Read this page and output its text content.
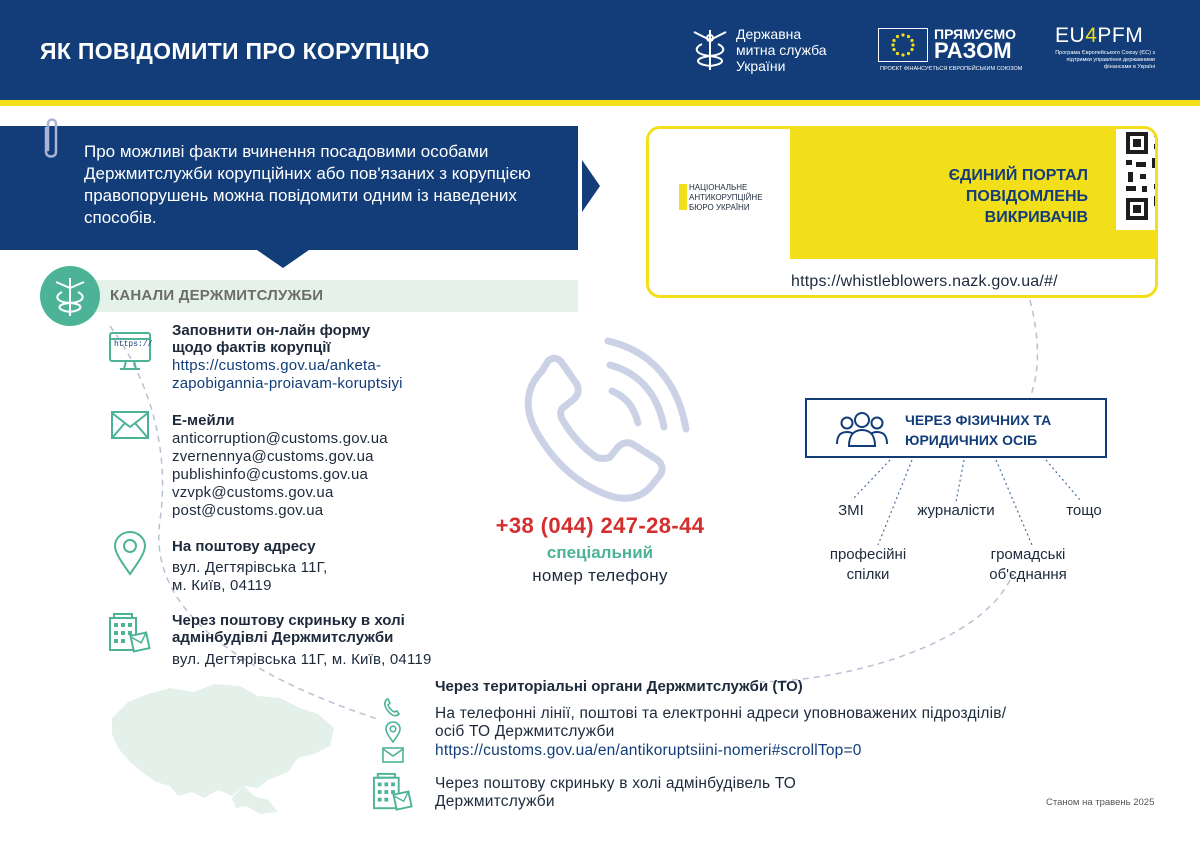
ЯК ПОВІДОМИТИ ПРО КОРУПЦІЮ
Державна
митна служба
України
ПРЯМУЄМО
РАЗОМ
ПРОЄКТ ФІНАНСУЄТЬСЯ ЄВРОПЕЙСЬКИМ СОЮЗОМ
EU4PFM
Програма Європейського Союзу (ЄС) з підтримки управління державними фінансами в Україні
Про можливі факти вчинення посадовими особами Держмитслужби корупційних або пов'язаних з корупцією правопорушень можна повідомити одним із наведених способів.
НАЦІОНАЛЬНЕ
АНТИКОРУПЦІЙНЕ
БЮРО УКРАЇНИ
ЄДИНИЙ ПОРТАЛ
ПОВІДОМЛЕНЬ
ВИКРИВАЧІВ
https://whistleblowers.nazk.gov.ua/#/
КАНАЛИ ДЕРЖМИТСЛУЖБИ
https://
Заповнити он-лайн форму
щодо фактів корупції
https://customs.gov.ua/anketa-
zapobigannia-proiavam-koruptsiyi
Е-мейли
anticorruption@customs.gov.ua
zvernennya@customs.gov.ua
publishinfo@customs.gov.ua
vzvpk@customs.gov.ua
post@customs.gov.ua
На поштову адресу
вул. Дегтярівська 11Г,
м. Київ, 04119
Через поштову скриньку в холі
адмінбудівлі Держмитслужби
вул. Дегтярівська 11Г, м. Київ, 04119
+38 (044) 247-28-44
спеціальний
номер телефону
ЧЕРЕЗ ФІЗИЧНИХ ТА
ЮРИДИЧНИХ ОСІБ
ЗМІ	журналісти	тощо
професійні
спілки
громадські
об'єднання
Через територіальні органи Держмитслужби (ТО)
На телефонні лінії, поштові та електронні адреси уповноважених підрозділів/осіб ТО Держмитслужби
https://customs.gov.ua/en/antikoruptsiini-nomeri#scrollTop=0
Через поштову скриньку в холі адмінбудівель ТО Держмитслужби	Станом на травень 2025
